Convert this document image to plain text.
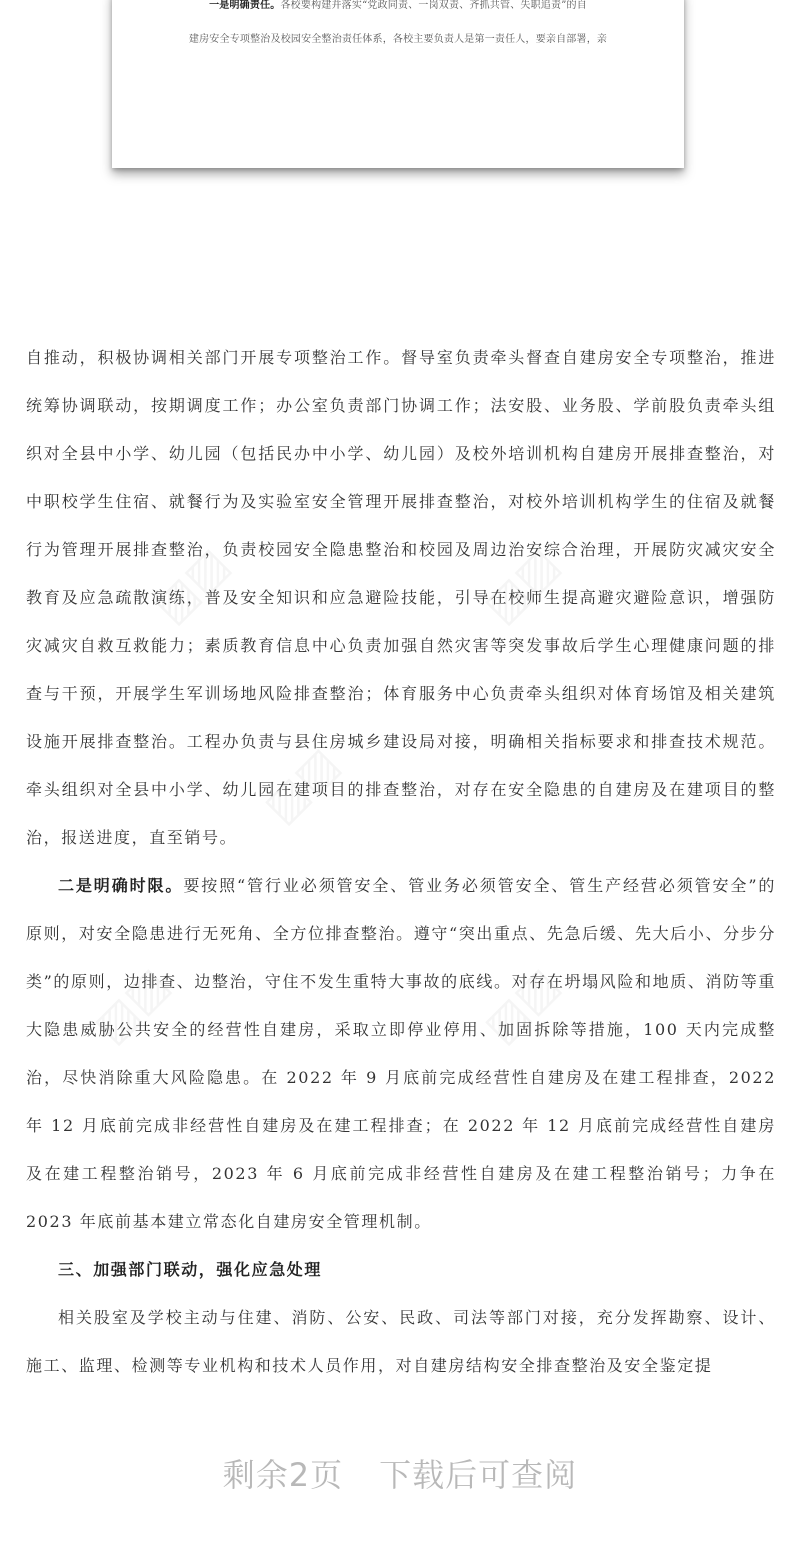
一是明确责任。各校要构建并落实“党政同责、一岗双责、齐抓共管、失职追责”的自
建房安全专项整治及校园安全整治责任体系，各校主要负责人是第一责任人，要亲自部署，亲

自推动，积极协调相关部门开展专项整治工作。督导室负责牵头督查自建房安全专项整治，推进统筹协调联动，按期调度工作；办公室负责部门协调工作；法安股、业务股、学前股负责牵头组织对全县中小学、幼儿园（包括民办中小学、幼儿园）及校外培训机构自建房开展排查整治，对中职校学生住宿、就餐行为及实验室安全管理开展排查整治，对校外培训机构学生的住宿及就餐行为管理开展排查整治，负责校园安全隐患整治和校园及周边治安综合治理，开展防灾减灾安全教育及应急疏散演练，普及安全知识和应急避险技能，引导在校师生提高避灾避险意识，增强防灾减灾自救互救能力；素质教育信息中心负责加强自然灾害等突发事故后学生心理健康问题的排查与干预，开展学生军训场地风险排查整治；体育服务中心负责牵头组织对体育场馆及相关建筑设施开展排查整治。工程办负责与县住房城乡建设局对接，明确相关指标要求和排查技术规范。牵头组织对全县中小学、幼儿园在建项目的排查整治，对存在安全隐患的自建房及在建项目的整治，报送进度，直至销号。

二是明确时限。要按照“管行业必须管安全、管业务必须管安全、管生产经营必须管安全”的原则，对安全隐患进行无死角、全方位排查整治。遵守“突出重点、先急后缓、先大后小、分步分类”的原则，边排查、边整治，守住不发生重特大事故的底线。对存在坍塌风险和地质、消防等重大隐患威胁公共安全的经营性自建房，采取立即停业停用、加固拆除等措施，100 天内完成整治，尽快消除重大风险隐患。在 2022 年 9 月底前完成经营性自建房及在建工程排查，2022 年 12 月底前完成非经营性自建房及在建工程排查；在 2022 年 12 月底前完成经营性自建房及在建工程整治销号，2023 年 6 月底前完成非经营性自建房及在建工程整治销号；力争在 2023 年底前基本建立常态化自建房安全管理机制。

三、加强部门联动，强化应急处理

相关股室及学校主动与住建、消防、公安、民政、司法等部门对接，充分发挥勘察、设计、施工、监理、检测等专业机构和技术人员作用，对自建房结构安全排查整治及安全鉴定提

▨▨	▨▨
▨▨
▨▨	▨▨
剩余2页 下载后可查阅
